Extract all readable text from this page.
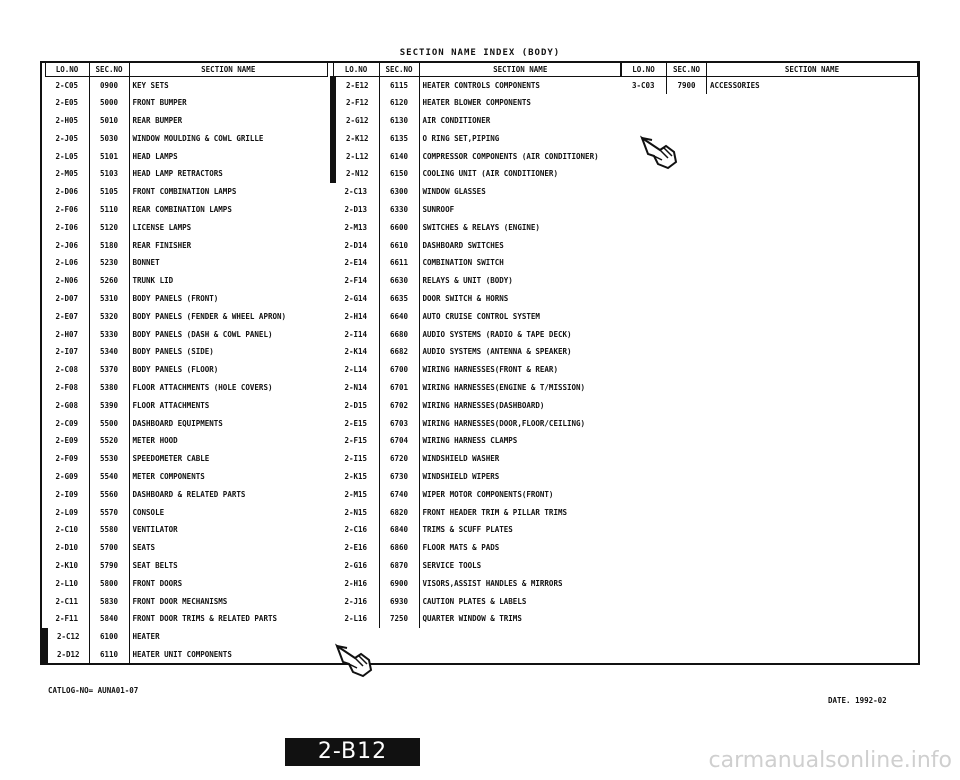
SECTION NAME INDEX (BODY)
LO.NO	SEC.NO	SECTION NAME
2-C05	0900	KEY SETS
2-E05	5000	FRONT BUMPER
2-H05	5010	REAR BUMPER
2-J05	5030	WINDOW MOULDING & COWL GRILLE
2-L05	5101	HEAD LAMPS
2-M05	5103	HEAD LAMP RETRACTORS
2-D06	5105	FRONT COMBINATION LAMPS
2-F06	5110	REAR COMBINATION LAMPS
2-I06	5120	LICENSE LAMPS
2-J06	5180	REAR FINISHER
2-L06	5230	BONNET
2-N06	5260	TRUNK LID
2-D07	5310	BODY PANELS (FRONT)
2-E07	5320	BODY PANELS (FENDER & WHEEL APRON)
2-H07	5330	BODY PANELS (DASH & COWL PANEL)
2-I07	5340	BODY PANELS (SIDE)
2-C08	5370	BODY PANELS (FLOOR)
2-F08	5380	FLOOR ATTACHMENTS (HOLE COVERS)
2-G08	5390	FLOOR ATTACHMENTS
2-C09	5500	DASHBOARD EQUIPMENTS
2-E09	5520	METER HOOD
2-F09	5530	SPEEDOMETER CABLE
2-G09	5540	METER COMPONENTS
2-I09	5560	DASHBOARD & RELATED PARTS
2-L09	5570	CONSOLE
2-C10	5580	VENTILATOR
2-D10	5700	SEATS
2-K10	5790	SEAT BELTS
2-L10	5800	FRONT DOORS
2-C11	5830	FRONT DOOR MECHANISMS
2-F11	5840	FRONT DOOR TRIMS & RELATED PARTS
2-C12	6100	HEATER
2-D12	6110	HEATER UNIT COMPONENTS
LO.NO	SEC.NO	SECTION NAME
2-E12	6115	HEATER CONTROLS COMPONENTS
2-F12	6120	HEATER BLOWER COMPONENTS
2-G12	6130	AIR CONDITIONER
2-K12	6135	O RING SET,PIPING
2-L12	6140	COMPRESSOR COMPONENTS (AIR CONDITIONER)
2-N12	6150	COOLING UNIT (AIR CONDITIONER)
2-C13	6300	WINDOW GLASSES
2-D13	6330	SUNROOF
2-M13	6600	SWITCHES & RELAYS (ENGINE)
2-D14	6610	DASHBOARD SWITCHES
2-E14	6611	COMBINATION SWITCH
2-F14	6630	RELAYS & UNIT (BODY)
2-G14	6635	DOOR SWITCH & HORNS
2-H14	6640	AUTO CRUISE CONTROL SYSTEM
2-I14	6680	AUDIO SYSTEMS (RADIO & TAPE DECK)
2-K14	6682	AUDIO SYSTEMS (ANTENNA & SPEAKER)
2-L14	6700	WIRING HARNESSES(FRONT & REAR)
2-N14	6701	WIRING HARNESSES(ENGINE & T/MISSION)
2-D15	6702	WIRING HARNESSES(DASHBOARD)
2-E15	6703	WIRING HARNESSES(DOOR,FLOOR/CEILING)
2-F15	6704	WIRING HARNESS CLAMPS
2-I15	6720	WINDSHIELD WASHER
2-K15	6730	WINDSHIELD WIPERS
2-M15	6740	WIPER MOTOR COMPONENTS(FRONT)
2-N15	6820	FRONT HEADER TRIM & PILLAR TRIMS
2-C16	6840	TRIMS & SCUFF PLATES
2-E16	6860	FLOOR MATS & PADS
2-G16	6870	SERVICE TOOLS
2-H16	6900	VISORS,ASSIST HANDLES & MIRRORS
2-J16	6930	CAUTION PLATES & LABELS
2-L16	7250	QUARTER WINDOW & TRIMS
LO.NO	SEC.NO	SECTION NAME
3-C03	7900	ACCESSORIES
CATLOG-NO= AUNA01-07
DATE. 1992-02
2-B12	carmanualsonline.info
